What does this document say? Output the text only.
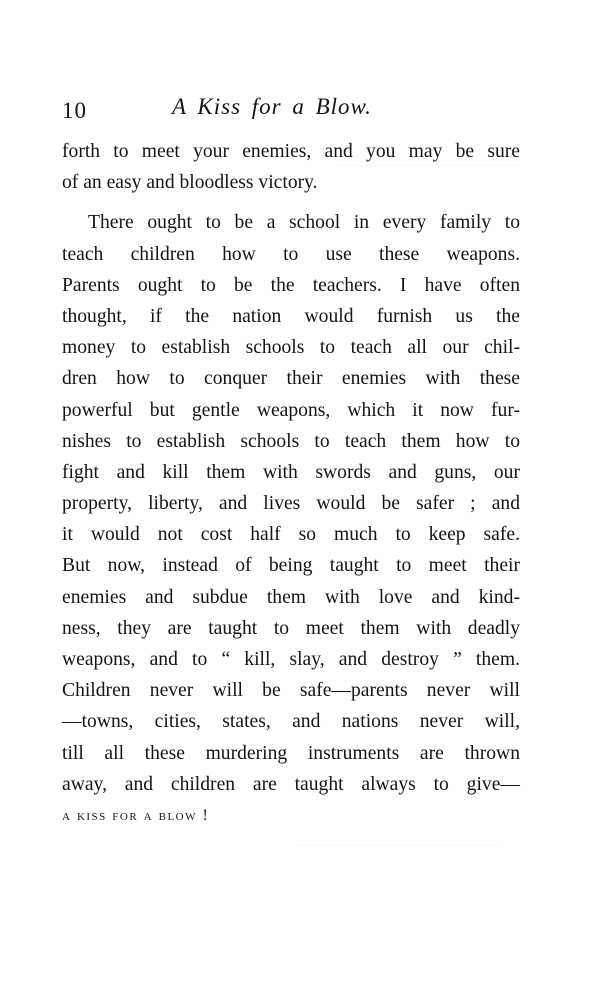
10	A Kiss for a Blow.
forth to meet your enemies, and you may be sure
of an easy and bloodless victory.
There ought to be a school in every family to
teach children how to use these weapons.
Parents ought to be the teachers. I have often
thought, if the nation would furnish us the
money to establish schools to teach all our chil-
dren how to conquer their enemies with these
powerful but gentle weapons, which it now fur-
nishes to establish schools to teach them how to
fight and kill them with swords and guns, our
property, liberty, and lives would be safer ; and
it would not cost half so much to keep safe.
But now, instead of being taught to meet their
enemies and subdue them with love and kind-
ness, they are taught to meet them with deadly
weapons, and to “ kill, slay, and destroy ” them.
Children never will be safe—parents never will
—towns, cities, states, and nations never will,
till all these murdering instruments are thrown
away, and children are taught always to give—
a kiss for a blow !
